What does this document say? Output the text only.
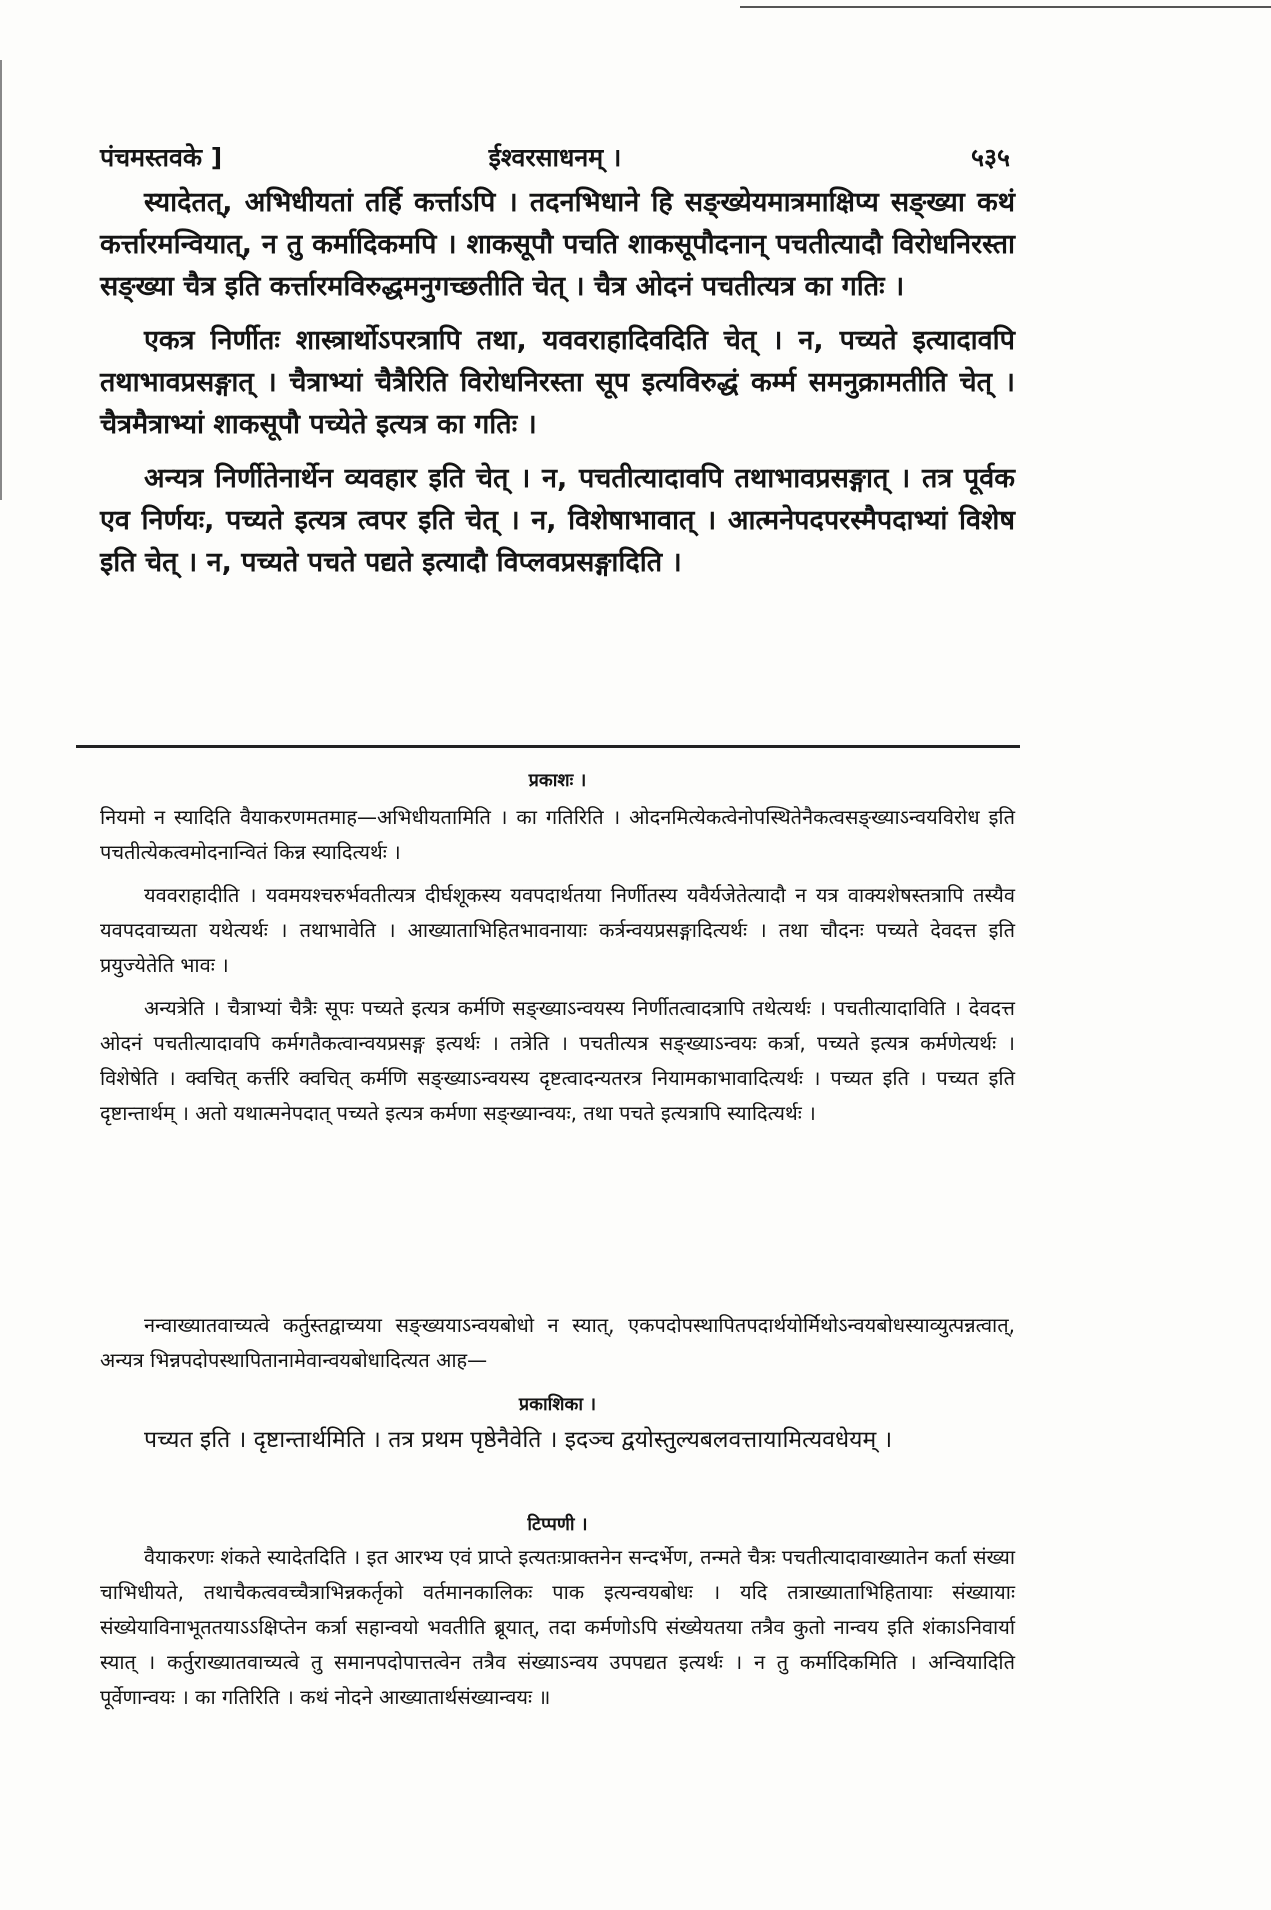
पंचमस्तवके ]	ईश्वरसाधनम् ।	५३५

स्यादेतत्, अभिधीयतां तर्हि कर्त्ताऽपि । तदनभिधाने हि सङ्ख्येयमात्रमाक्षिप्य सङ्ख्या कथं कर्त्तारमन्वियात्, न तु कर्मादिकमपि । शाकसूपौ पचति शाकसूपौदनान् पचतीत्यादौ विरोधनिरस्ता सङ्ख्या चैत्र इति कर्त्तारमविरुद्धमनुगच्छतीति चेत् । चैत्र ओदनं पचतीत्यत्र का गतिः ।

एकत्र निर्णीतः शास्त्रार्थोऽपरत्रापि तथा, यववराहादिवदिति चेत् । न, पच्यते इत्यादावपि तथाभावप्रसङ्गात् । चैत्राभ्यां चैत्रैरिति विरोधनिरस्ता सूप इत्यविरुद्धं कर्म्म समनुक्रामतीति चेत् । चैत्रमैत्राभ्यां शाकसूपौ पच्येते इत्यत्र का गतिः ।

अन्यत्र निर्णीतेनार्थेन व्यवहार इति चेत् । न, पचतीत्यादावपि तथाभावप्रसङ्गात् । तत्र पूर्वक एव निर्णयः, पच्यते इत्यत्र त्वपर इति चेत् । न, विशेषाभावात् । आत्मनेपदपरस्मैपदाभ्यां विशेष इति चेत् । न, पच्यते पचते पद्यते इत्यादौ विप्लवप्रसङ्गादिति ।

प्रकाशः ।

नियमो न स्यादिति वैयाकरणमतमाह—अभिधीयतामिति । का गतिरिति । ओदनमित्येकत्वेनोपस्थितेनैकत्वसङ्ख्याऽन्वयविरोध इति पचतीत्येकत्वमोदनान्वितं किन्न स्यादित्यर्थः ।

यववराहादीति । यवमयश्चरुर्भवतीत्यत्र दीर्घशूकस्य यवपदार्थतया निर्णीतस्य यवैर्यजेतेत्यादौ न यत्र वाक्यशेषस्तत्रापि तस्यैव यवपदवाच्यता यथेत्यर्थः । तथाभावेति । आख्याताभिहितभावनायाः कर्त्रन्वयप्रसङ्गादित्यर्थः । तथा चौदनः पच्यते देवदत्त इति प्रयुज्येतेति भावः ।

अन्यत्रेति । चैत्राभ्यां चैत्रैः सूपः पच्यते इत्यत्र कर्मणि सङ्ख्याऽन्वयस्य निर्णीतत्वादत्रापि तथेत्यर्थः । पचतीत्यादाविति । देवदत्त ओदनं पचतीत्यादावपि कर्मगतैकत्वान्वयप्रसङ्ग इत्यर्थः । तत्रेति । पचतीत्यत्र सङ्ख्याऽन्वयः कर्त्रा, पच्यते इत्यत्र कर्मणेत्यर्थः । विशेषेति । क्वचित् कर्त्तरि क्वचित् कर्मणि सङ्ख्याऽन्वयस्य दृष्टत्वादन्यतरत्र नियामकाभावादित्यर्थः । पच्यत इति । पच्यत इति दृष्टान्तार्थम् । अतो यथात्मनेपदात् पच्यते इत्यत्र कर्मणा सङ्ख्यान्वयः, तथा पचते इत्यत्रापि स्यादित्यर्थः ।

नन्वाख्यातवाच्यत्वे कर्तुस्तद्वाच्यया सङ्ख्ययाऽन्वयबोधो न स्यात्, एकपदोपस्थापितपदार्थयोर्मिथोऽन्वयबोधस्याव्युत्पन्नत्वात्, अन्यत्र भिन्नपदोपस्थापितानामेवान्वयबोधादित्यत आह—

प्रकाशिका ।

पच्यत इति । दृष्टान्तार्थमिति । तत्र प्रथम पृष्ठेनैवेति । इदञ्च द्वयोस्तुल्यबलवत्तायामित्यवधेयम् ।

टिप्पणी ।

वैयाकरणः शंकते स्यादेतदिति । इत आरभ्य एवं प्राप्ते इत्यतःप्राक्तनेन सन्दर्भेण, तन्मते चैत्रः पचतीत्यादावाख्यातेन कर्ता संख्या चाभिधीयते, तथाचैकत्ववच्चैत्राभिन्नकर्तृको वर्तमानकालिकः पाक इत्यन्वयबोधः । यदि तत्राख्याताभिहितायाः संख्यायाः संख्येयाविनाभूततयाऽऽक्षिप्तेन कर्त्रा सहान्वयो भवतीति ब्रूयात्, तदा कर्मणोऽपि संख्येयतया तत्रैव कुतो नान्वय इति शंकाऽनिवार्या स्यात् । कर्तुराख्यातवाच्यत्वे तु समानपदोपात्तत्वेन तत्रैव संख्याऽन्वय उपपद्यत इत्यर्थः । न तु कर्मादिकमिति । अन्वियादिति पूर्वेणान्वयः । का गतिरिति । कथं नोदने आख्यातार्थसंख्यान्वयः ॥
